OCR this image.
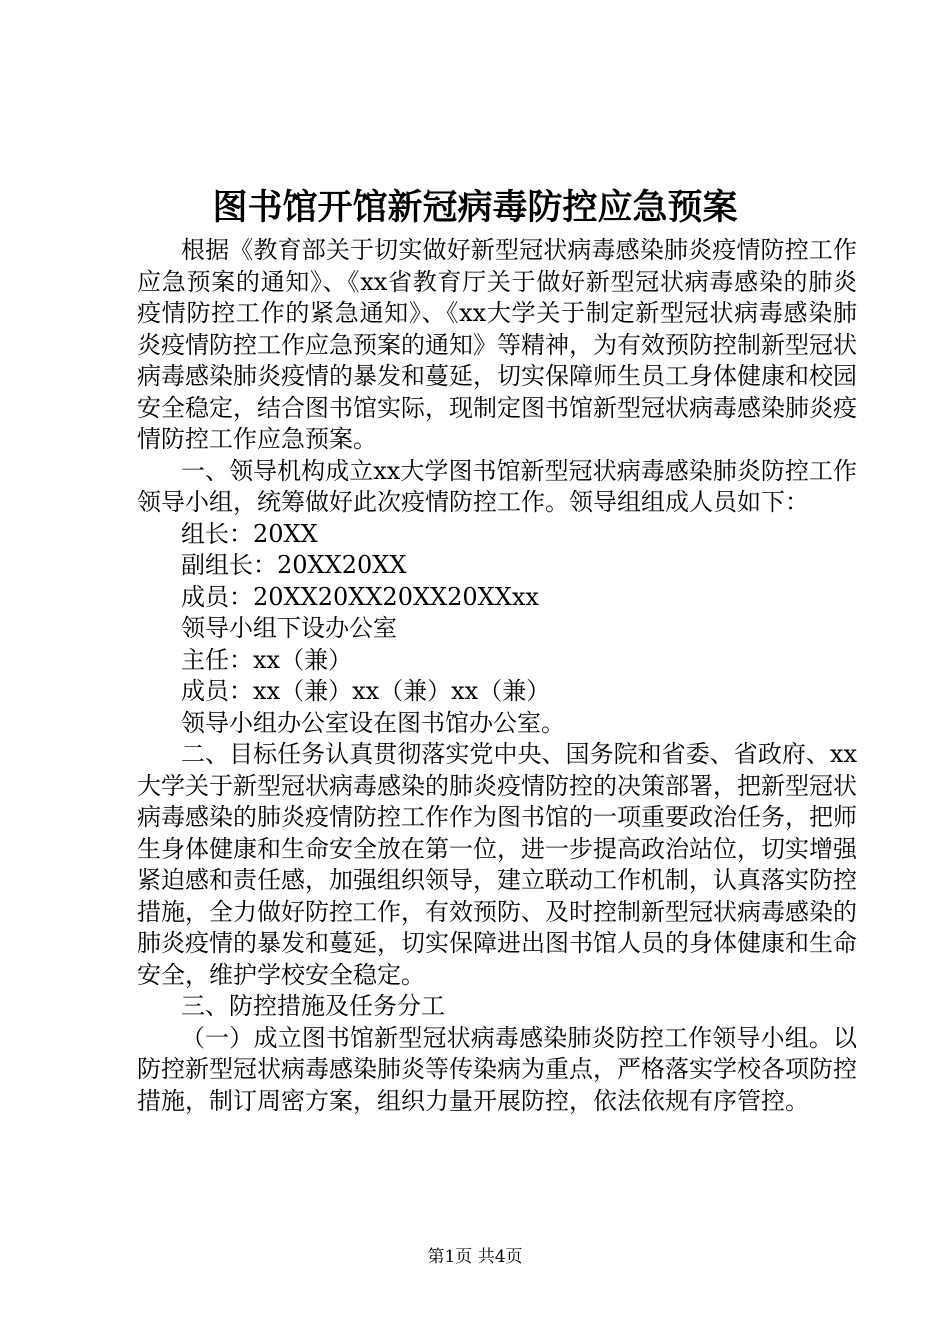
图书馆开馆新冠病毒防控应急预案

根据《教育部关于切实做好新型冠状病毒感染肺炎疫情防控工作应急预案的通知》、《xx省教育厅关于做好新型冠状病毒感染的肺炎疫情防控工作的紧急通知》、《xx大学关于制定新型冠状病毒感染肺炎疫情防控工作应急预案的通知》等精神，为有效预防控制新型冠状病毒感染肺炎疫情的暴发和蔓延，切实保障师生员工身体健康和校园安全稳定，结合图书馆实际，现制定图书馆新型冠状病毒感染肺炎疫情防控工作应急预案。

一、领导机构成立xx大学图书馆新型冠状病毒感染肺炎防控工作领导小组，统筹做好此次疫情防控工作。领导组组成人员如下：

组长：20XX

副组长：20XX20XX

成员：20XX20XX20XX20XXxx

领导小组下设办公室

主任：xx（兼）

成员：xx（兼）xx（兼）xx（兼）

领导小组办公室设在图书馆办公室。

二、目标任务认真贯彻落实党中央、国务院和省委、省政府、xx大学关于新型冠状病毒感染的肺炎疫情防控的决策部署，把新型冠状病毒感染的肺炎疫情防控工作作为图书馆的一项重要政治任务，把师生身体健康和生命安全放在第一位，进一步提高政治站位，切实增强紧迫感和责任感，加强组织领导，建立联动工作机制，认真落实防控措施，全力做好防控工作，有效预防、及时控制新型冠状病毒感染的肺炎疫情的暴发和蔓延，切实保障进出图书馆人员的身体健康和生命安全，维护学校安全稳定。

三、防控措施及任务分工

（一）成立图书馆新型冠状病毒感染肺炎防控工作领导小组。以防控新型冠状病毒感染肺炎等传染病为重点，严格落实学校各项防控措施，制订周密方案，组织力量开展防控，依法依规有序管控。

第1页 共4页
